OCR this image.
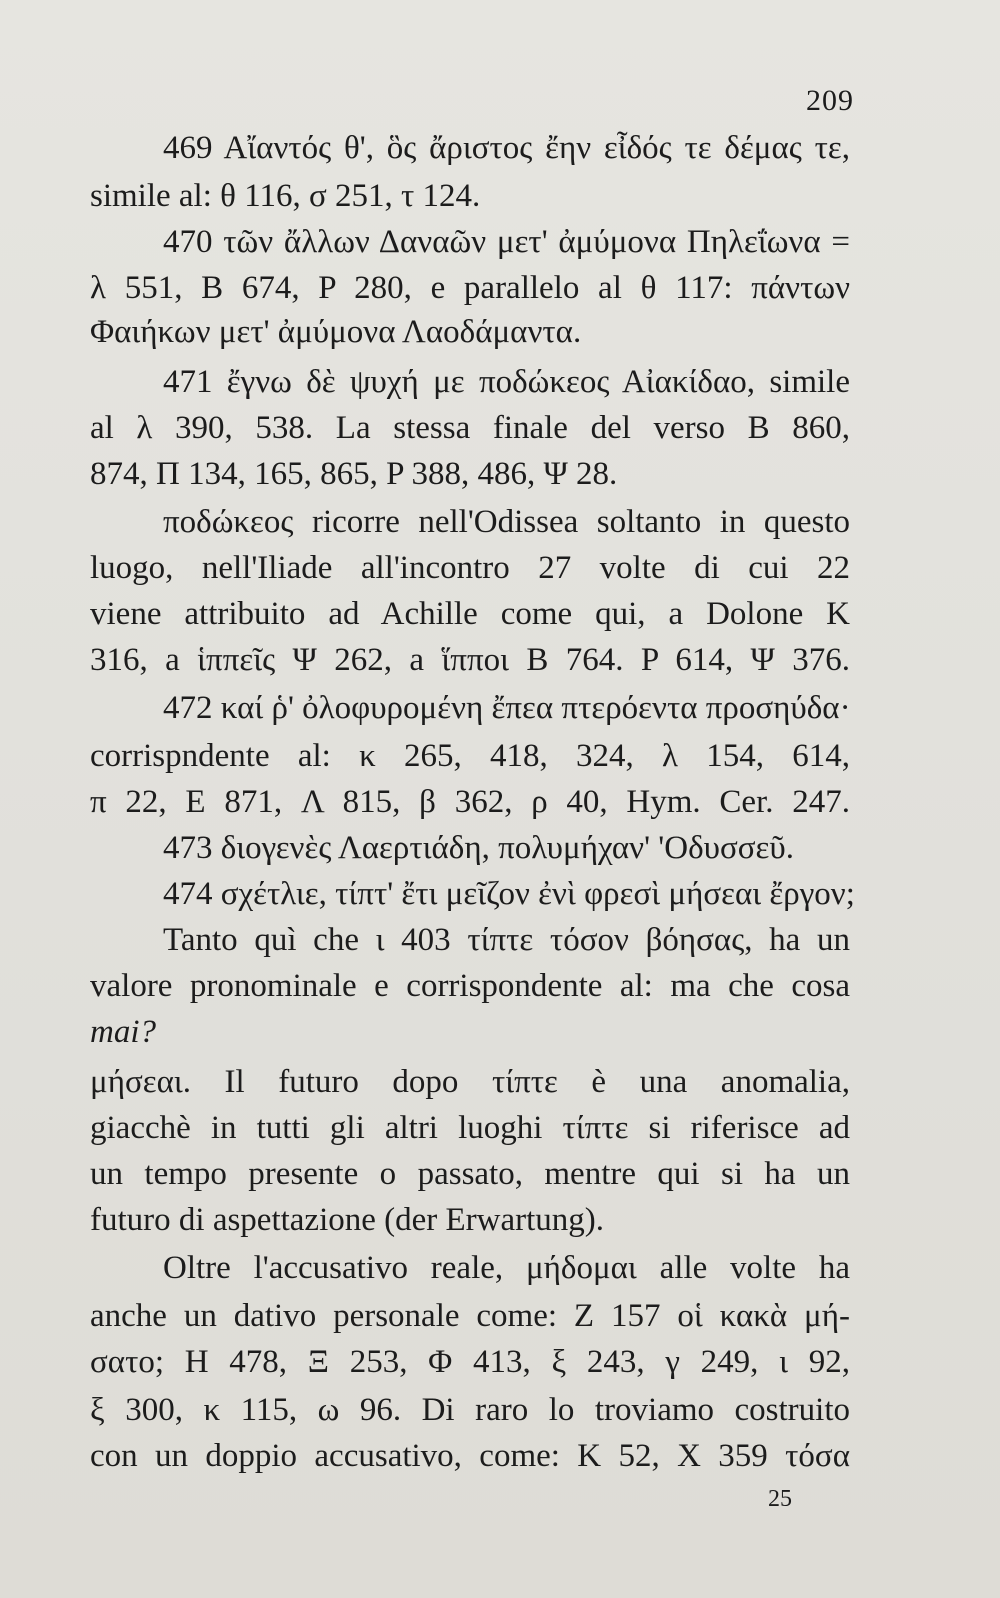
209
469 Αἴαντός θ', ὃς ἄριστος ἔην εἶδός τε δέμας τε,
simile al: θ 116, σ 251, τ 124.
470 τῶν ἄλλων Δαναῶν μετ' ἀμύμονα Πηλεΐωνα =
λ 551, B 674, P 280, e parallelo al θ 117: πάντων
Φαιήκων μετ' ἀμύμονα Λαοδάμαντα.
471 ἔγνω δὲ ψυχή με ποδώκεος Αἰακίδαο, simile
al λ 390, 538. La stessa finale del verso B 860,
874, Π 134, 165, 865, P 388, 486, Ψ 28.
ποδώκεος ricorre nell'Odissea soltanto in questo
luogo, nell'Iliade all'incontro 27 volte di cui 22
viene attribuito ad Achille come qui, a Dolone K
316, a ἱππεῖς Ψ 262, a ἵπποι B 764. P 614, Ψ 376.
472 καί ῥ' ὀλοφυρομένη ἔπεα πτερόεντα προσηύδα·
corrispndente al: κ 265, 418, 324, λ 154, 614,
π 22, E 871, Λ 815, β 362, ρ 40, Hym. Cer. 247.
473 διογενὲς Λαερτιάδη, πολυμήχαν' 'Οδυσσεῦ.
474 σχέτλιε, τίπτ' ἔτι μεῖζον ἐνὶ φρεσὶ μήσεαι ἔργον;
Tanto quì che ι 403 τίπτε τόσον βόησας, ha un
valore pronominale e corrispondente al: ma che cosa
mai?
μήσεαι. Il futuro dopo τίπτε è una anomalia,
giacchè in tutti gli altri luoghi τίπτε si riferisce ad
un tempo presente o passato, mentre qui si ha un
futuro di aspettazione (der Erwartung).
Oltre l'accusativo reale, μήδομαι alle volte ha
anche un dativo personale come: Z 157 οἱ κακὰ μή-
σατο; H 478, Ξ 253, Φ 413, ξ 243, γ 249, ι 92,
ξ 300, κ 115, ω 96. Di raro lo troviamo costruito
con un doppio accusativo, come: K 52, X 359 τόσα
25
